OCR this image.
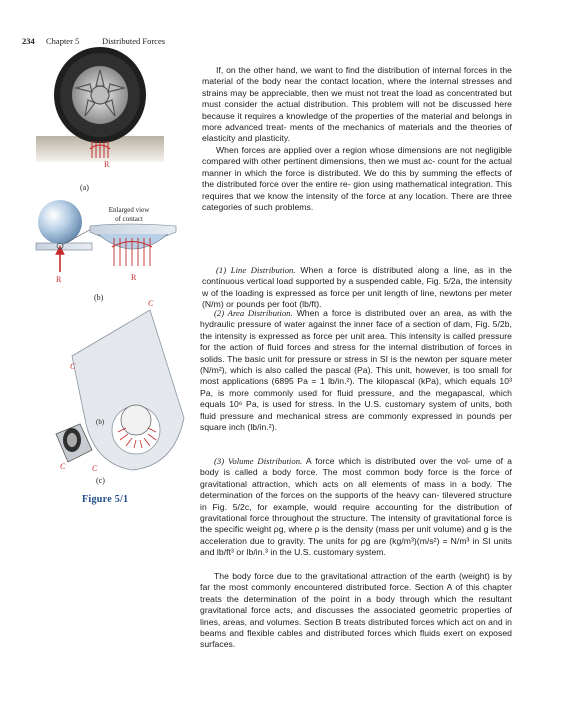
234 Chapter 5	Distributed Forces
R
(a)
Enlarged view
of contact
R	R
(b)
C
C
(b)
C	C
(c)
Figure 5/1

If, on the other hand, we want to find the distribution of internal forces in the material of the body near the contact location, where the internal stresses and strains may be appreciable, then we must not treat the load as concentrated but must consider the actual distribution. This problem will not be discussed here because it requires a knowledge of the properties of the material and belongs in more advanced treat- ments of the mechanics of materials and the theories of elasticity and plasticity.

When forces are applied over a region whose dimensions are not negligible compared with other pertinent dimensions, then we must ac- count for the actual manner in which the force is distributed. We do this by summing the effects of the distributed force over the entire re- gion using mathematical integration. This requires that we know the intensity of the force at any location. There are three categories of such problems.

(1) Line Distribution. When a force is distributed along a line, as in the continuous vertical load supported by a suspended cable, Fig. 5/2a, the intensity w of the loading is expressed as force per unit length of line, newtons per meter (N/m) or pounds per foot (lb/ft).

(2) Area Distribution. When a force is distributed over an area, as with the hydraulic pressure of water against the inner face of a section of dam, Fig. 5/2b, the intensity is expressed as force per unit area. This intensity is called pressure for the action of fluid forces and stress for the internal distribution of forces in solids. The basic unit for pressure or stress in SI is the newton per square meter (N/m²), which is also called the pascal (Pa). This unit, however, is too small for most applications (6895 Pa = 1 lb/in.²). The kilopascal (kPa), which equals 10³ Pa, is more commonly used for fluid pressure, and the megapascal, which equals 10⁶ Pa, is used for stress. In the U.S. customary system of units, both fluid pressure and mechanical stress are commonly expressed in pounds per square inch (lb/in.²).

(3) Volume Distribution. A force which is distributed over the vol- ume of a body is called a body force. The most common body force is the force of gravitational attraction, which acts on all elements of mass in a body. The determination of the forces on the supports of the heavy can- tilevered structure in Fig. 5/2c, for example, would require accounting for the distribution of gravitational force throughout the structure. The intensity of gravitational force is the specific weight ρg, where ρ is the density (mass per unit volume) and g is the acceleration due to gravity. The units for ρg are (kg/m³)(m/s²) = N/m³ in SI units and lb/ft³ or lb/in.³ in the U.S. customary system.

The body force due to the gravitational attraction of the earth (weight) is by far the most commonly encountered distributed force. Section A of this chapter treats the determination of the point in a body through which the resultant gravitational force acts, and discusses the associated geometric properties of lines, areas, and volumes. Section B treats distributed forces which act on and in beams and flexible cables and distributed forces which fluids exert on exposed surfaces.
